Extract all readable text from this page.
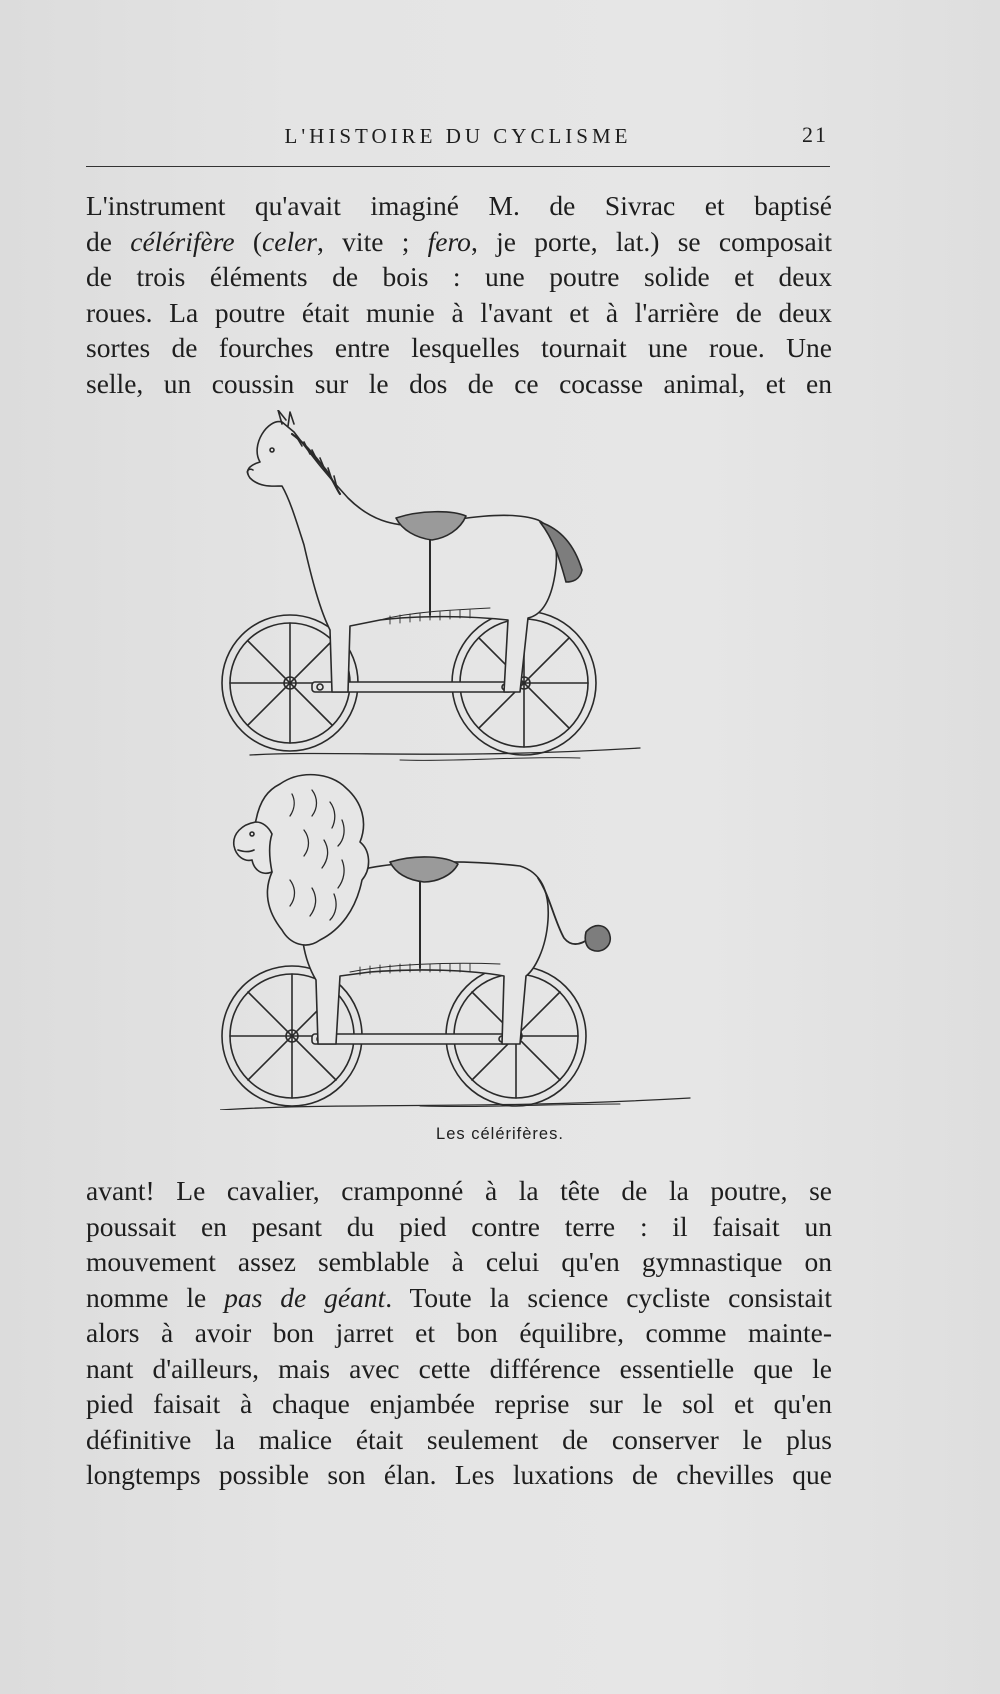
L'HISTOIRE DU CYCLISME	21
L'instrument qu'avait imaginé M. de Sivrac et baptisé
de célérifère (celer, vite ; fero, je porte, lat.) se composait
de trois éléments de bois : une poutre solide et deux
roues. La poutre était munie à l'avant et à l'arrière de deux
sortes de fourches entre lesquelles tournait une roue. Une
selle, un coussin sur le dos de ce cocasse animal, et en
Les célérifères.
avant! Le cavalier, cramponné à la tête de la poutre, se
poussait en pesant du pied contre terre : il faisait un
mouvement assez semblable à celui qu'en gymnastique on
nomme le pas de géant. Toute la science cycliste consistait
alors à avoir bon jarret et bon équilibre, comme mainte-
nant d'ailleurs, mais avec cette différence essentielle que le
pied faisait à chaque enjambée reprise sur le sol et qu'en
définitive la malice était seulement de conserver le plus
longtemps possible son élan. Les luxations de chevilles que
